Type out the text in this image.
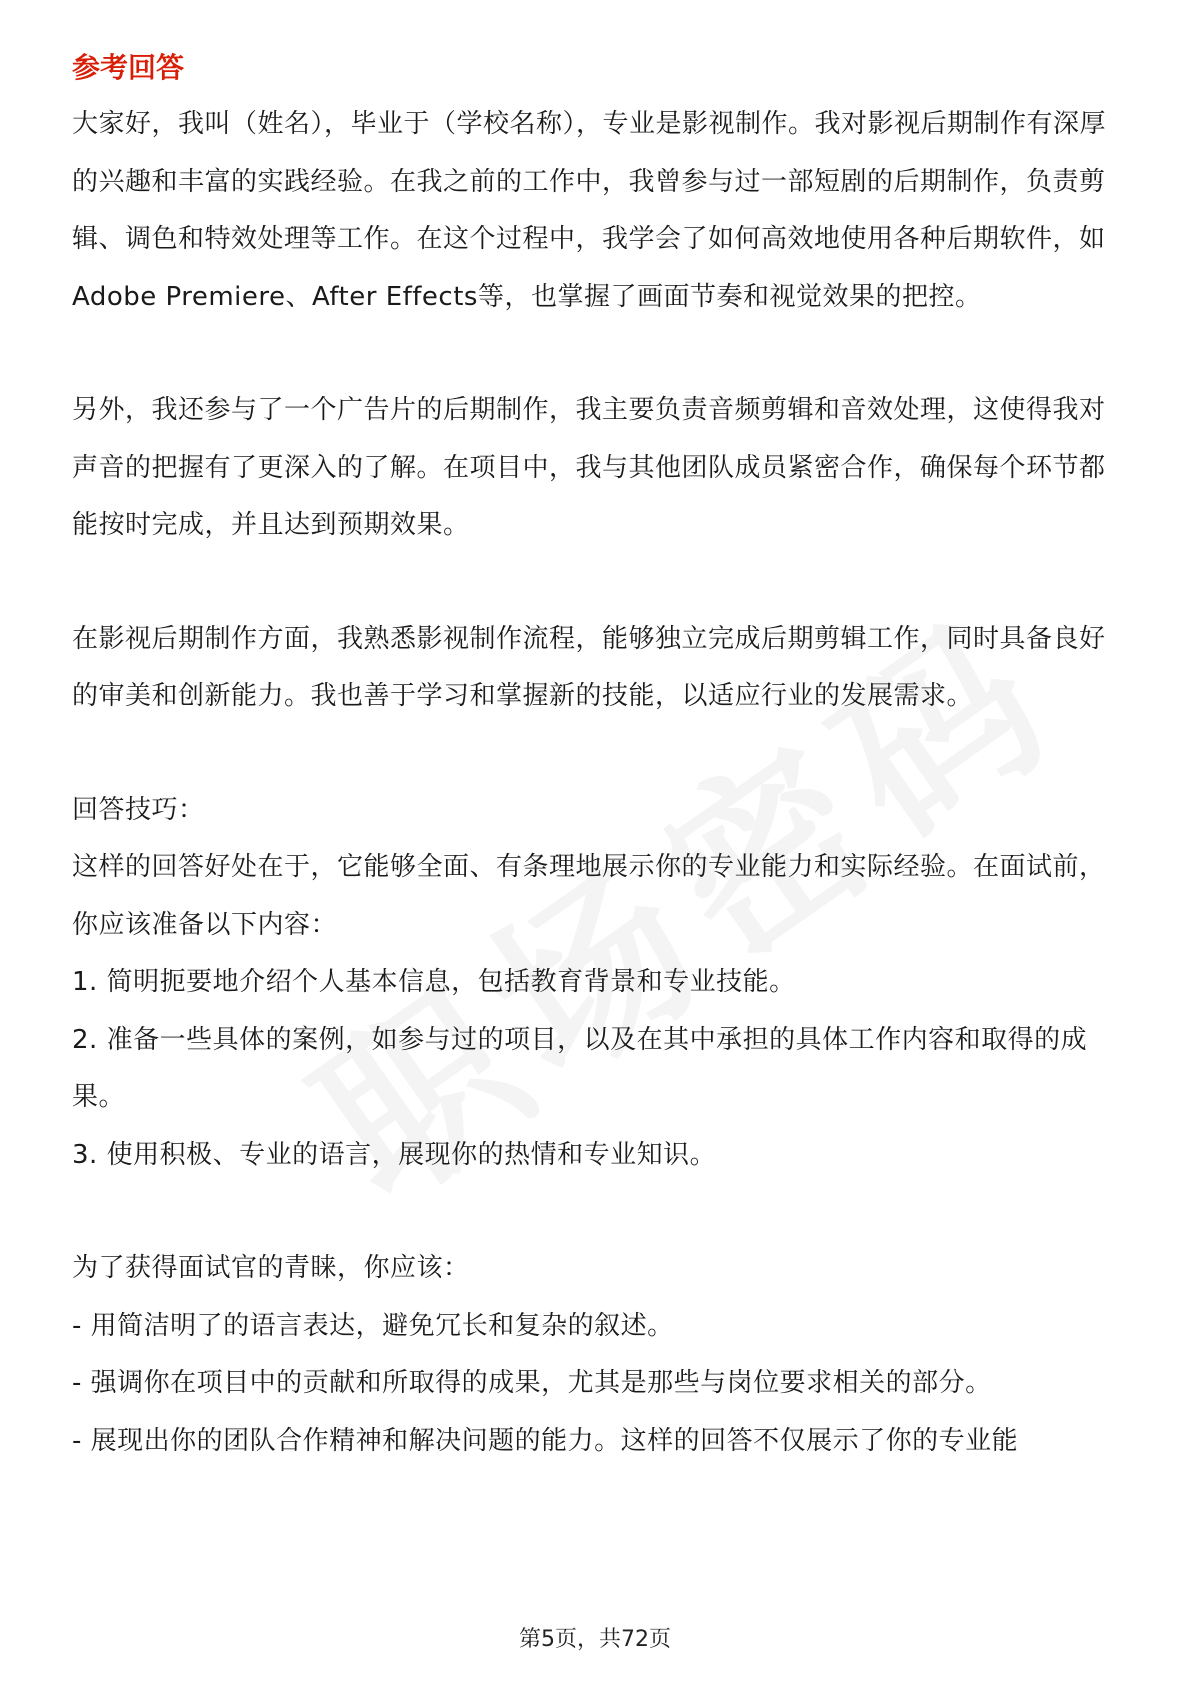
参考回答

大家好，我叫（姓名），毕业于（学校名称），专业是影视制作。我对影视后期制作有深厚的兴趣和丰富的实践经验。在我之前的工作中，我曾参与过一部短剧的后期制作，负责剪辑、调色和特效处理等工作。在这个过程中，我学会了如何高效地使用各种后期软件，如Adobe Premiere、After Effects等，也掌握了画面节奏和视觉效果的把控。

另外，我还参与了一个广告片的后期制作，我主要负责音频剪辑和音效处理，这使得我对声音的把握有了更深入的了解。在项目中，我与其他团队成员紧密合作，确保每个环节都能按时完成，并且达到预期效果。

在影视后期制作方面，我熟悉影视制作流程，能够独立完成后期剪辑工作，同时具备良好的审美和创新能力。我也善于学习和掌握新的技能，以适应行业的发展需求。

回答技巧：

这样的回答好处在于，它能够全面、有条理地展示你的专业能力和实际经验。在面试前，你应该准备以下内容：

1. 简明扼要地介绍个人基本信息，包括教育背景和专业技能。

2. 准备一些具体的案例，如参与过的项目，以及在其中承担的具体工作内容和取得的成果。

3. 使用积极、专业的语言，展现你的热情和专业知识。

为了获得面试官的青睐，你应该：

- 用简洁明了的语言表达，避免冗长和复杂的叙述。

- 强调你在项目中的贡献和所取得的成果，尤其是那些与岗位要求相关的部分。

- 展现出你的团队合作精神和解决问题的能力。这样的回答不仅展示了你的专业能

第5页，共72页
